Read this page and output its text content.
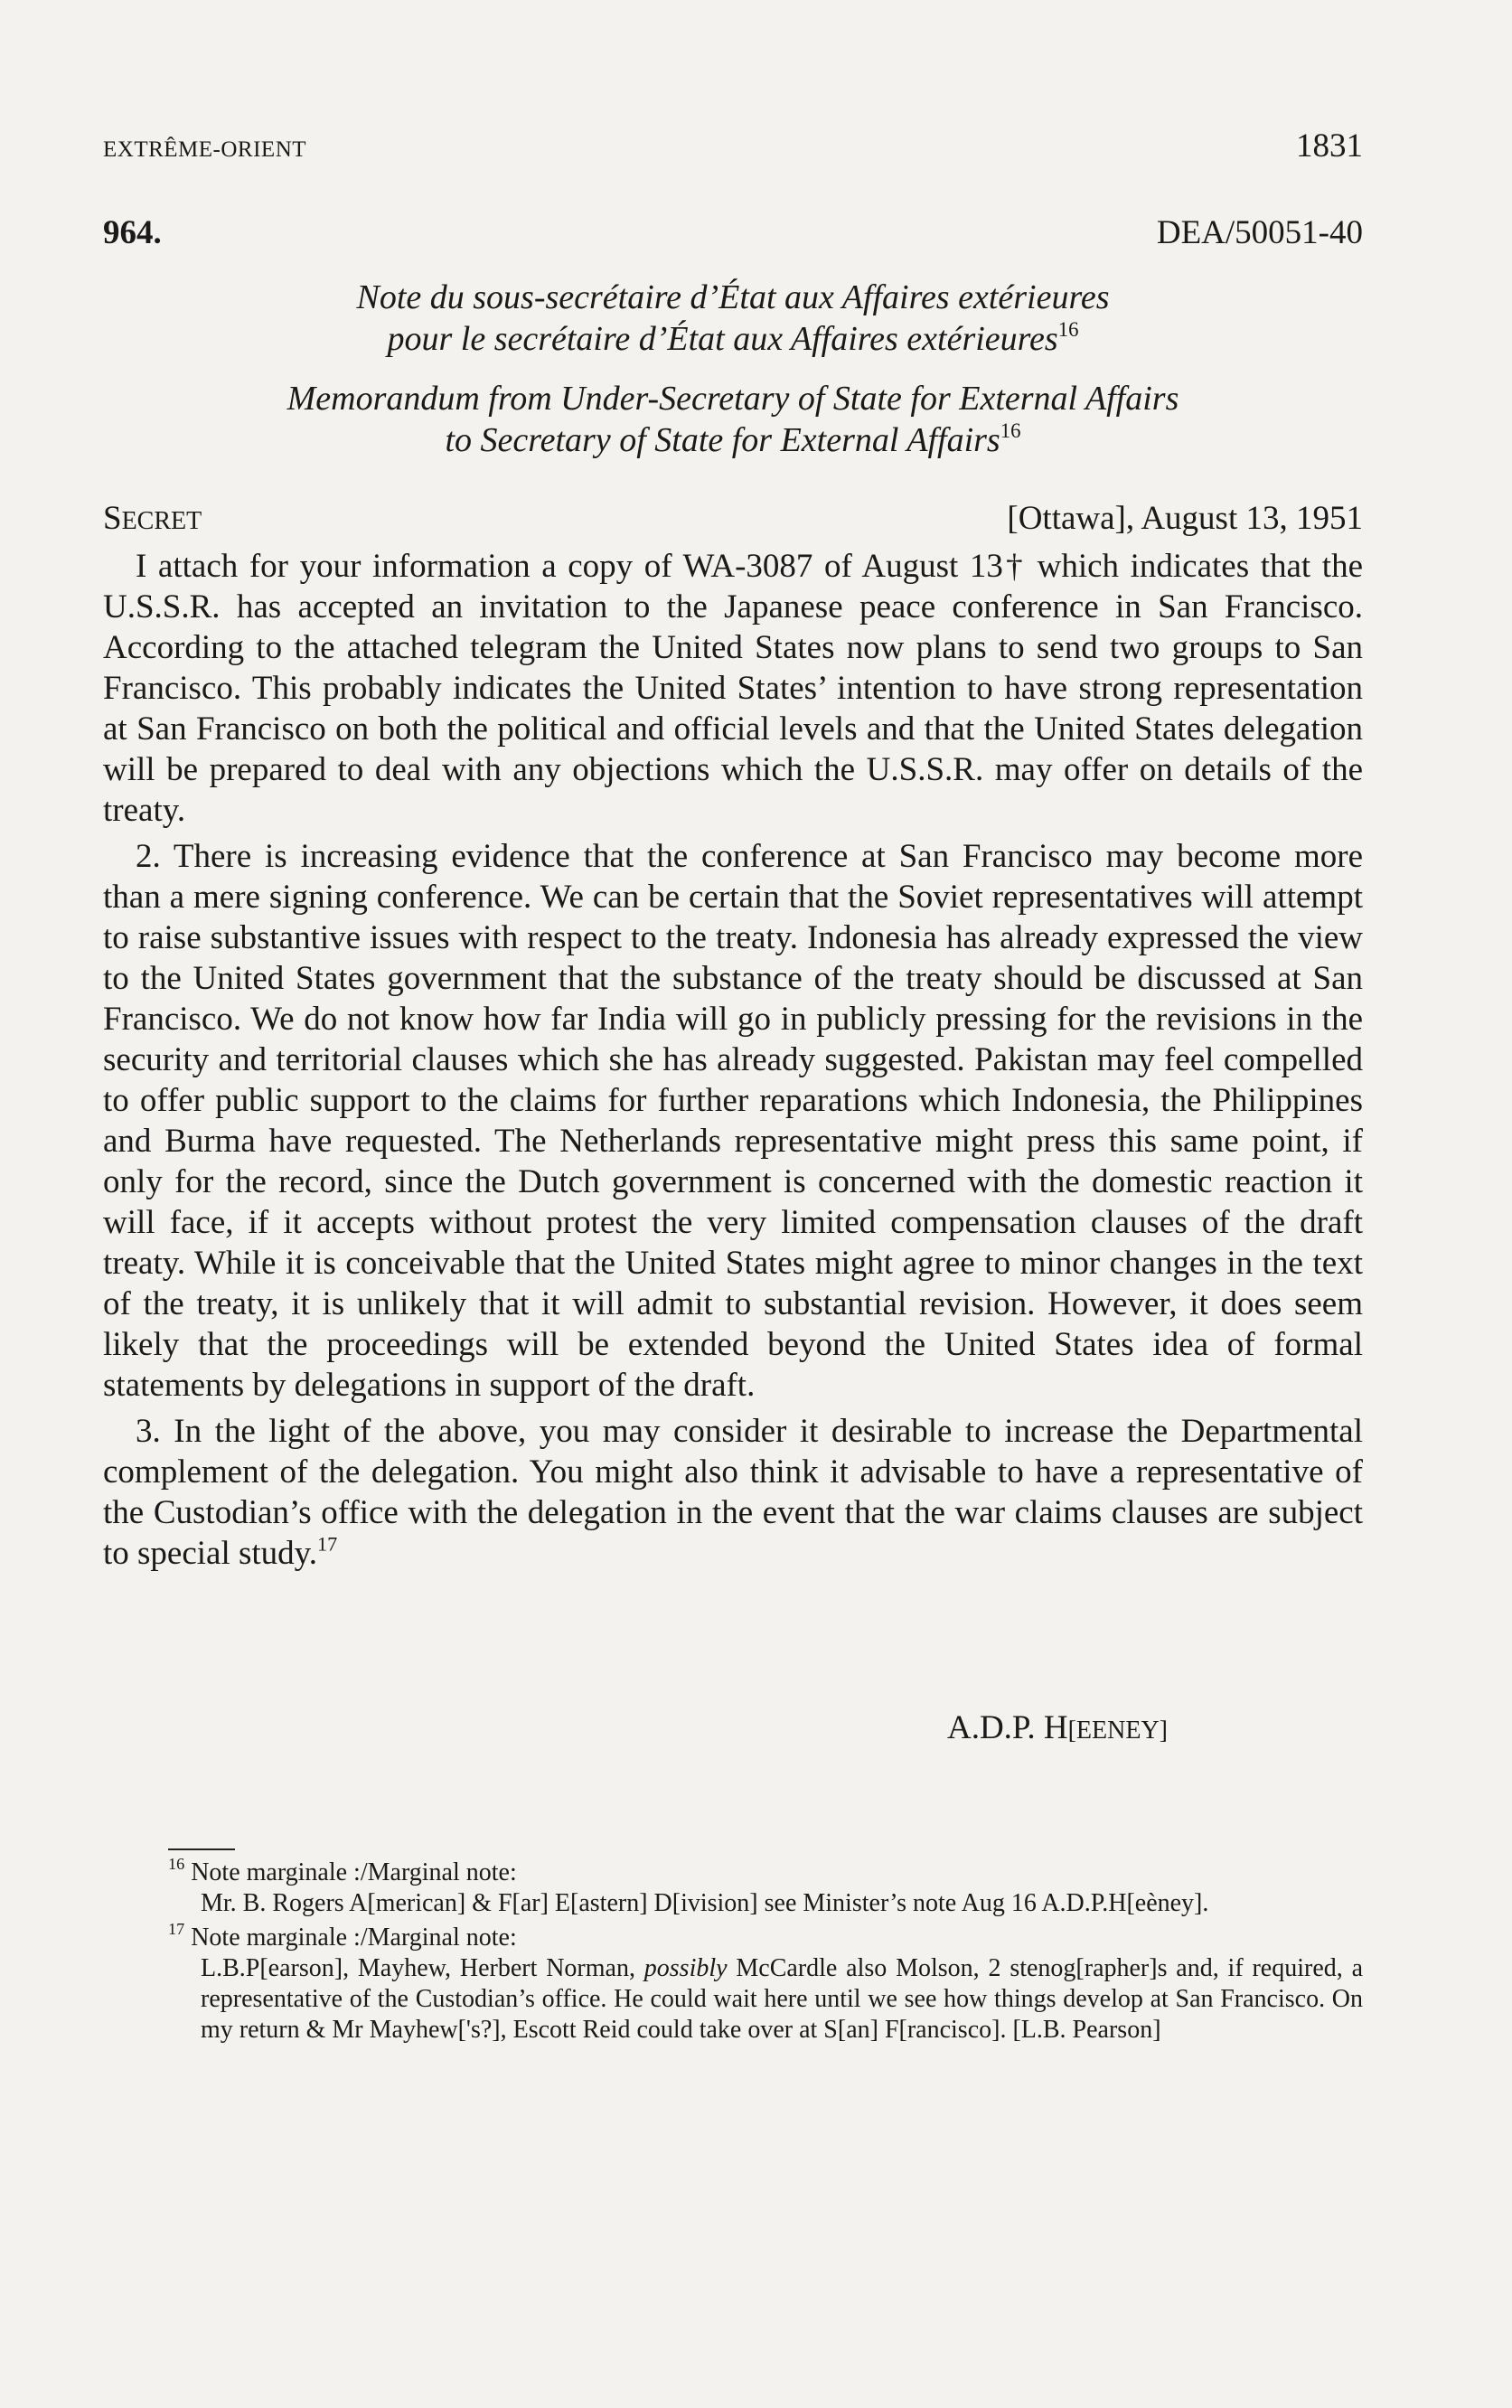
EXTRÊME-ORIENT	1831
964.	DEA/50051-40
Note du sous-secrétaire d’État aux Affaires extérieures
pour le secrétaire d’État aux Affaires extérieures$^{16}$
Memorandum from Under-Secretary of State for External Affairs
to Secretary of State for External Affairs$^{16}$
SECRET	[Ottawa], August 13, 1951

I attach for your information a copy of WA-3087 of August 13† which indicates that the U.S.S.R. has accepted an invitation to the Japanese peace conference in San Francisco. According to the attached telegram the United States now plans to send two groups to San Francisco. This probably indicates the United States’ intention to have strong representation at San Francisco on both the political and official levels and that the United States delegation will be prepared to deal with any objections which the U.S.S.R. may offer on details of the treaty.

2. There is increasing evidence that the conference at San Francisco may become more than a mere signing conference. We can be certain that the Soviet representatives will attempt to raise substantive issues with respect to the treaty. Indonesia has already expressed the view to the United States government that the substance of the treaty should be discussed at San Francisco. We do not know how far India will go in publicly pressing for the revisions in the security and territorial clauses which she has already suggested. Pakistan may feel compelled to offer public support to the claims for further reparations which Indonesia, the Philippines and Burma have requested. The Netherlands representative might press this same point, if only for the record, since the Dutch government is concerned with the domestic reaction it will face, if it accepts without protest the very limited compensation clauses of the draft treaty. While it is conceivable that the United States might agree to minor changes in the text of the treaty, it is unlikely that it will admit to substantial revision. However, it does seem likely that the proceedings will be extended beyond the United States idea of formal statements by delegations in support of the draft.

3. In the light of the above, you may consider it desirable to increase the Departmental complement of the delegation. You might also think it advisable to have a representative of the Custodian’s office with the delegation in the event that the war claims clauses are subject to special study.$^{17}$

A.D.P. H[EENEY]
$^{16}$ Note marginale :/Marginal note:
Mr. B. Rogers A[merican] & F[ar] E[astern] D[ivision] see Minister’s note Aug 16 A.D.P.H[eèney].
$^{17}$ Note marginale :/Marginal note:
L.B.P[earson], Mayhew, Herbert Norman, possibly McCardle also Molson, 2 stenog[rapher]s and, if required, a representative of the Custodian’s office. He could wait here until we see how things develop at San Francisco. On my return & Mr Mayhew['s?], Escott Reid could take over at S[an] F[rancisco]. [L.B. Pearson]
